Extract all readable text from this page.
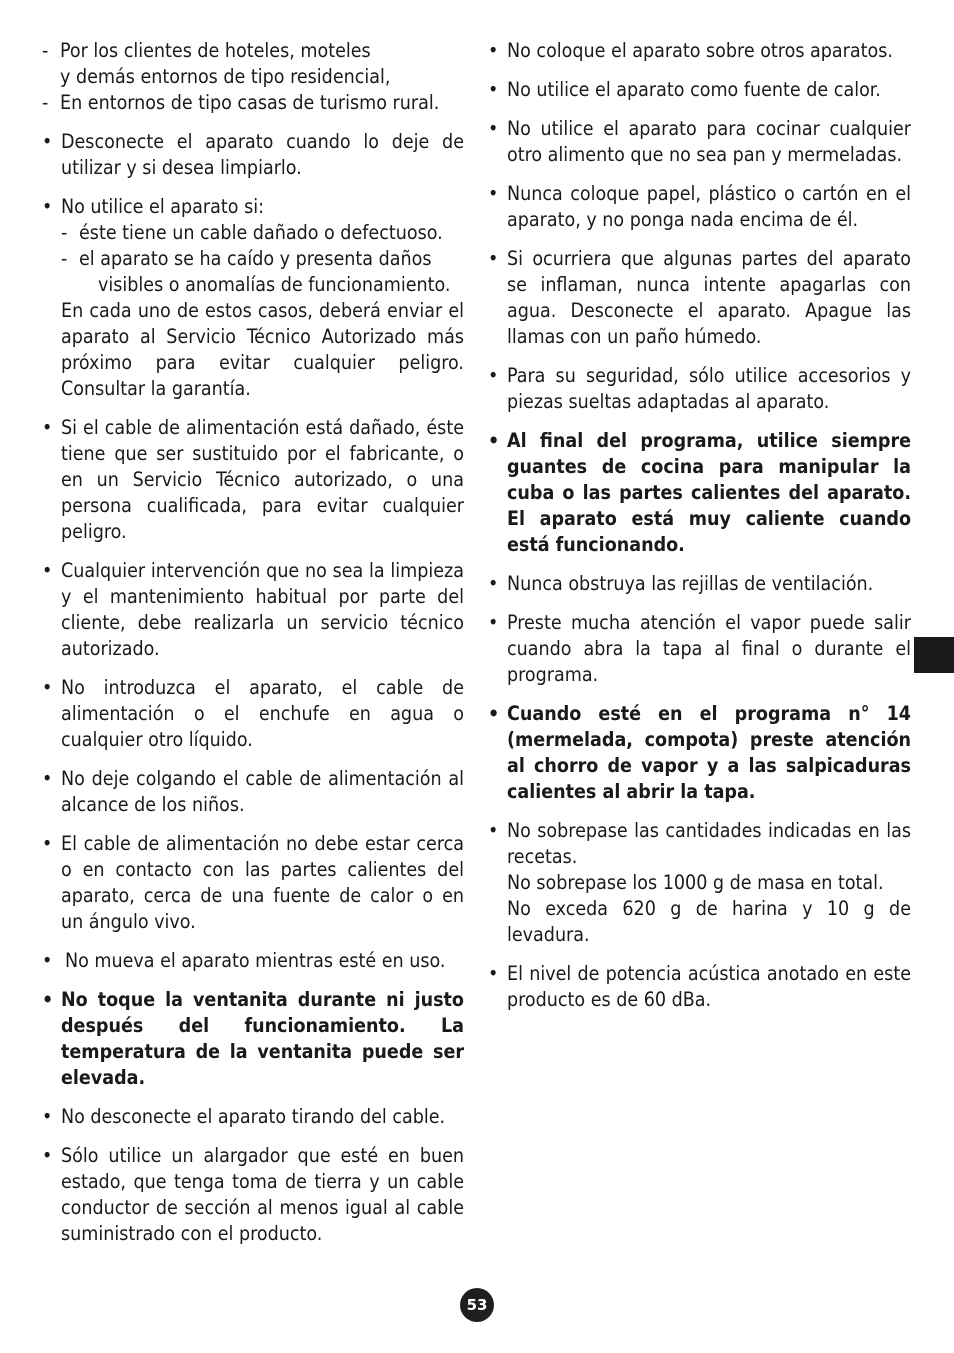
- Por los clientes de hoteles, moteles
y demás entornos de tipo residencial,
- En entornos de tipo casas de turismo rural.
• Desconecte el aparato cuando lo deje de utilizar y si desea limpiarlo.
• No utilice el aparato si:
- éste tiene un cable dañado o defectuoso.
- el aparato se ha caído y presenta daños
visibles o anomalías de funcionamiento.
En cada uno de estos casos, deberá enviar el aparato al Servicio Técnico Autorizado más próximo para evitar cualquier peligro. Consultar la garantía.
• Si el cable de alimentación está dañado, éste tiene que ser sustituido por el fabricante, o en un Servicio Técnico autorizado, o una persona cualificada, para evitar cualquier peligro.
• Cualquier intervención que no sea la limpieza y el mantenimiento habitual por parte del cliente, debe realizarla un servicio técnico autorizado.
• No introduzca el aparato, el cable de alimentación o el enchufe en agua o cualquier otro líquido.
• No deje colgando el cable de alimentación al alcance de los niños.
• El cable de alimentación no debe estar cerca o en contacto con las partes calientes del aparato, cerca de una fuente de calor o en un ángulo vivo.
• No mueva el aparato mientras esté en uso.
• No toque la ventanita durante ni justo después del funcionamiento. La temperatura de la ventanita puede ser elevada.
• No desconecte el aparato tirando del cable.
• Sólo utilice un alargador que esté en buen estado, que tenga toma de tierra y un cable conductor de sección al menos igual al cable suministrado con el producto.
• No coloque el aparato sobre otros aparatos.
• No utilice el aparato como fuente de calor.
• No utilice el aparato para cocinar cualquier otro alimento que no sea pan y mermeladas.
• Nunca coloque papel, plástico o cartón en el aparato, y no ponga nada encima de él.
• Si ocurriera que algunas partes del aparato se inflaman, nunca intente apagarlas con agua. Desconecte el aparato. Apague las llamas con un paño húmedo.
• Para su seguridad, sólo utilice accesorios y piezas sueltas adaptadas al aparato.
• Al final del programa, utilice siempre guantes de cocina para manipular la cuba o las partes calientes del aparato. El aparato está muy caliente cuando está funcionando.
• Nunca obstruya las rejillas de ventilación.
• Preste mucha atención el vapor puede salir cuando abra la tapa al final o durante el programa.
• Cuando esté en el programa n° 14 (mermelada, compota) preste atención al chorro de vapor y a las salpicaduras calientes al abrir la tapa.
• No sobrepase las cantidades indicadas en las recetas.
No sobrepase los 1000 g de masa en total.
No exceda 620 g de harina y 10 g de levadura.
• El nivel de potencia acústica anotado en este producto es de 60 dBa.
53
